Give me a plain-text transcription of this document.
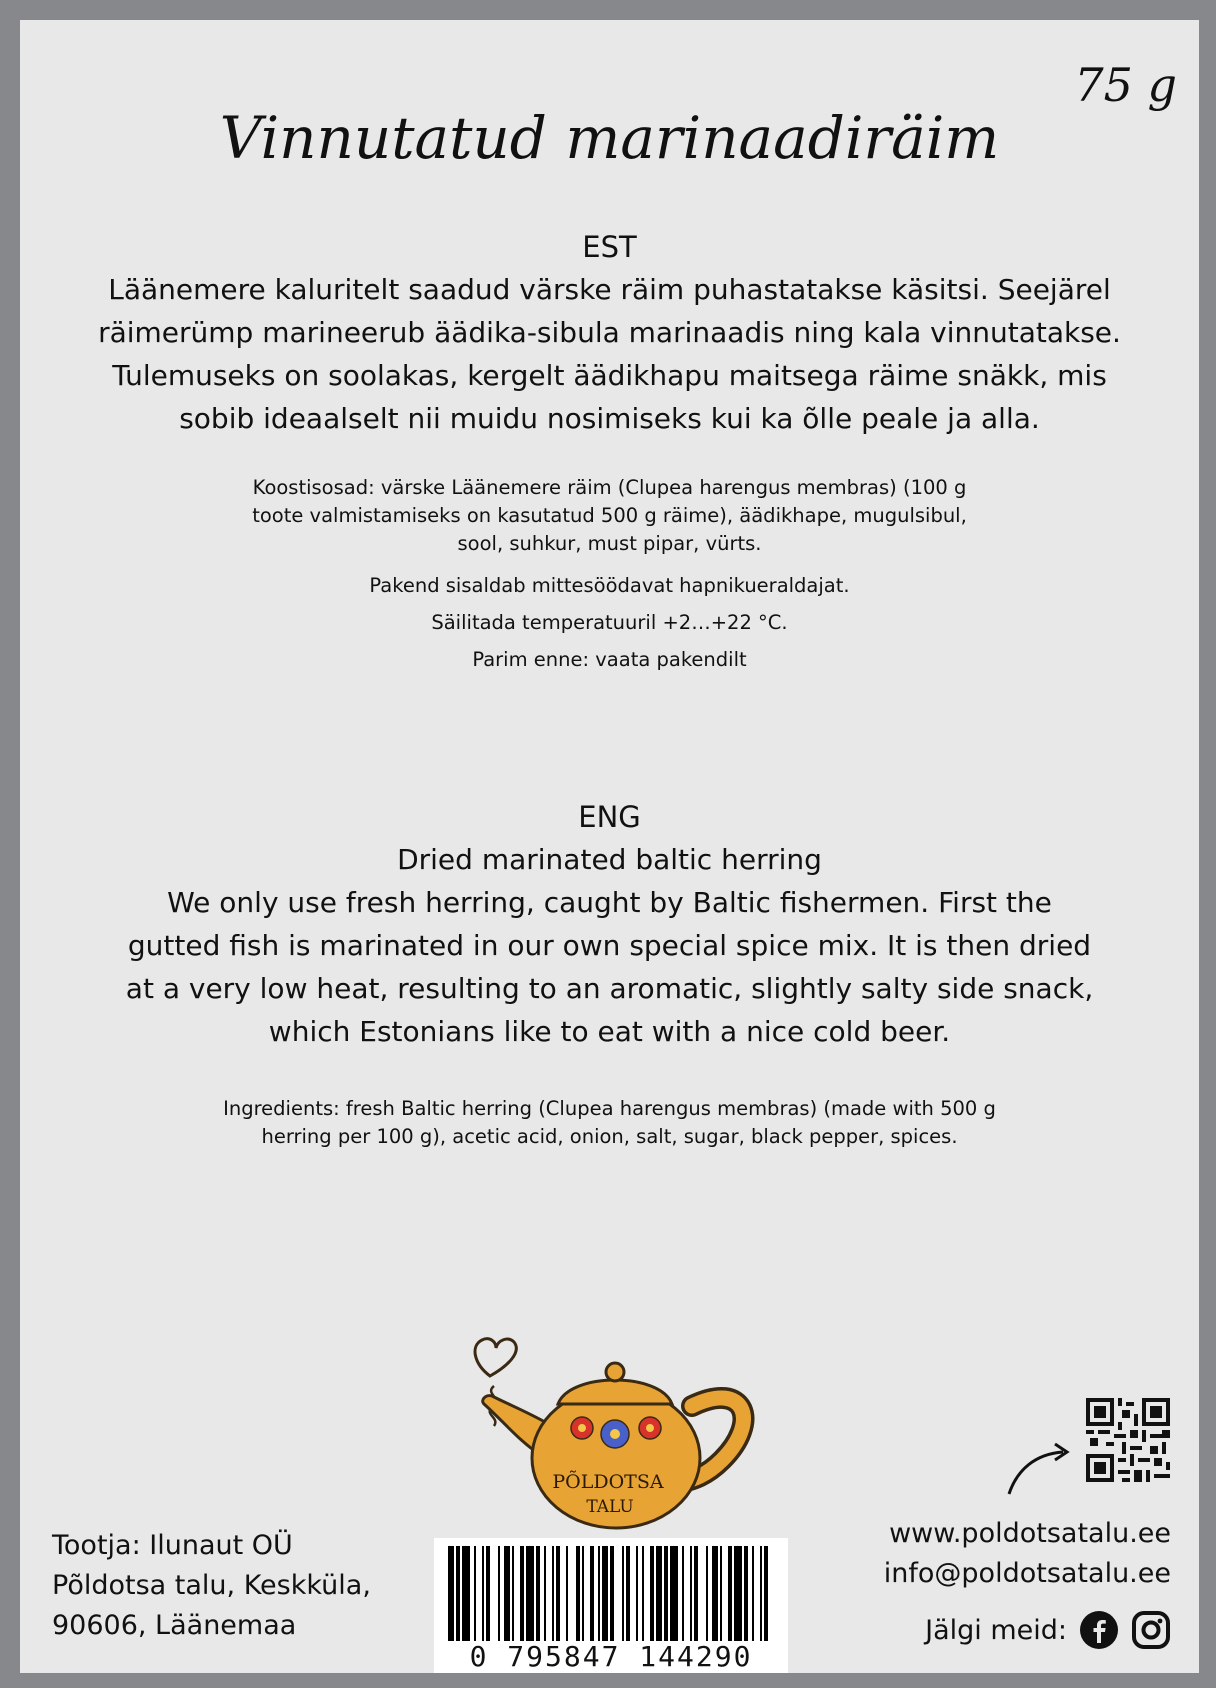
75 g
Vinnutatud marinaadiräim
EST
Läänemere kaluritelt saadud värske räim puhastatakse käsitsi. Seejärel
räimerümp marineerub äädika-sibula marinaadis ning kala vinnutatakse.
Tulemuseks on soolakas, kergelt äädikhapu maitsega räime snäkk, mis
sobib ideaalselt nii muidu nosimiseks kui ka õlle peale ja alla.
Koostisosad: värske Läänemere räim (Clupea harengus membras) (100 g
toote valmistamiseks on kasutatud 500 g räime), äädikhape, mugulsibul,
sool, suhkur, must pipar, vürts.

Pakend sisaldab mittesöödavat hapnikueraldajat.

Säilitada temperatuuril +2…+22 °C.

Parim enne: vaata pakendilt

ENG
Dried marinated baltic herring
We only use fresh herring, caught by Baltic fishermen. First the
gutted fish is marinated in our own special spice mix. It is then dried
at a very low heat, resulting to an aromatic, slightly salty side snack,
which Estonians like to eat with a nice cold beer.
Ingredients: fresh Baltic herring (Clupea harengus membras) (made with 500 g
herring per 100 g), acetic acid, onion, salt, sugar, black pepper, spices.
PÕLDOTSA
TALU
Tootja: Ilunaut OÜ
Põldotsa talu, Keskküla,
90606, Läänemaa
www.poldotsatalu.ee
info@poldotsatalu.ee
Jälgi meid:
0 795847 144290
